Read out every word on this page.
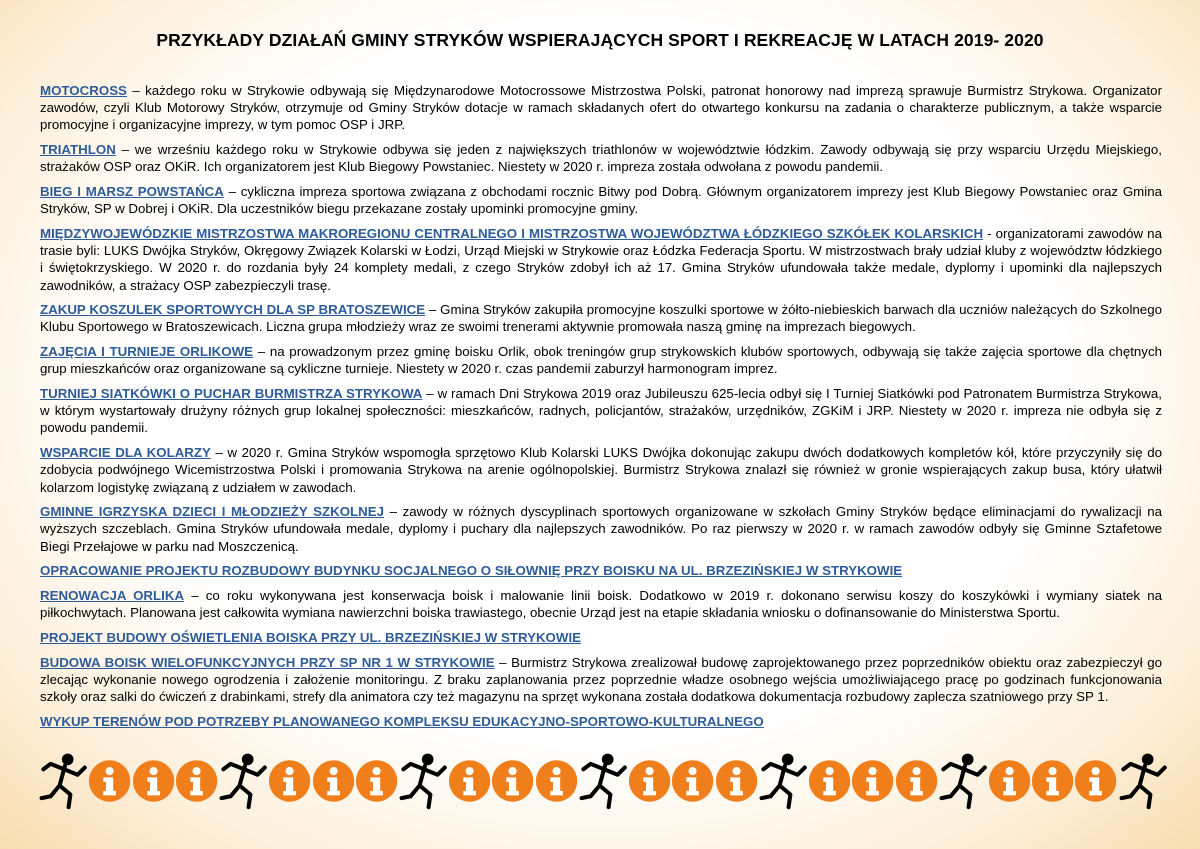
PRZYKŁADY DZIAŁAŃ GMINY STRYKÓW WSPIERAJĄCYCH SPORT I REKREACJĘ W LATACH 2019- 2020

MOTOCROSS – każdego roku w Strykowie odbywają się Międzynarodowe Motocrossowe Mistrzostwa Polski, patronat honorowy nad imprezą sprawuje Burmistrz Strykowa. Organizator zawodów, czyli Klub Motorowy Stryków, otrzymuje od Gminy Stryków dotacje w ramach składanych ofert do otwartego konkursu na zadania o charakterze publicznym, a także wsparcie promocyjne i organizacyjne imprezy, w tym pomoc OSP i JRP.

TRIATHLON – we wrześniu każdego roku w Strykowie odbywa się jeden z największych triathlonów w województwie łódzkim. Zawody odbywają się przy wsparciu Urzędu Miejskiego, strażaków OSP oraz OKiR. Ich organizatorem jest Klub Biegowy Powstaniec. Niestety w 2020 r. impreza została odwołana z powodu pandemii.

BIEG I MARSZ POWSTAŃCA – cykliczna impreza sportowa związana z obchodami rocznic Bitwy pod Dobrą. Głównym organizatorem imprezy jest Klub Biegowy Powstaniec oraz Gmina Stryków, SP w Dobrej i OKiR. Dla uczestników biegu przekazane zostały upominki promocyjne gminy.

MIĘDZYWOJEWÓDZKIE MISTRZOSTWA MAKROREGIONU CENTRALNEGO I MISTRZOSTWA WOJEWÓDZTWA ŁÓDZKIEGO SZKÓŁEK KOLARSKICH - organizatorami zawodów na trasie byli: LUKS Dwójka Stryków, Okręgowy Związek Kolarski w Łodzi, Urząd Miejski w Strykowie oraz Łódzka Federacja Sportu. W mistrzostwach brały udział kluby z województw łódzkiego i świętokrzyskiego. W 2020 r. do rozdania były 24 komplety medali, z czego Stryków zdobył ich aż 17. Gmina Stryków ufundowała także medale, dyplomy i upominki dla najlepszych zawodników, a strażacy OSP zabezpieczyli trasę.

ZAKUP KOSZULEK SPORTOWYCH DLA SP BRATOSZEWICE – Gmina Stryków zakupiła promocyjne koszulki sportowe w żółto-niebieskich barwach dla uczniów należących do Szkolnego Klubu Sportowego w Bratoszewicach. Liczna grupa młodzieży wraz ze swoimi trenerami aktywnie promowała naszą gminę na imprezach biegowych.

ZAJĘCIA I TURNIEJE ORLIKOWE – na prowadzonym przez gminę boisku Orlik, obok treningów grup strykowskich klubów sportowych, odbywają się także zajęcia sportowe dla chętnych grup mieszkańców oraz organizowane są cykliczne turnieje. Niestety w 2020 r. czas pandemii zaburzył harmonogram imprez.

TURNIEJ SIATKÓWKI O PUCHAR BURMISTRZA STRYKOWA – w ramach Dni Strykowa 2019 oraz Jubileuszu 625-lecia odbył się I Turniej Siatkówki pod Patronatem Burmistrza Strykowa, w którym wystartowały drużyny różnych grup lokalnej społeczności: mieszkańców, radnych, policjantów, strażaków, urzędników, ZGKiM i JRP. Niestety w 2020 r. impreza nie odbyła się z powodu pandemii.

WSPARCIE DLA KOLARZY – w 2020 r. Gmina Stryków wspomogła sprzętowo Klub Kolarski LUKS Dwójka dokonując zakupu dwóch dodatkowych kompletów kół, które przyczyniły się do zdobycia podwójnego Wicemistrzostwa Polski i promowania Strykowa na arenie ogólnopolskiej. Burmistrz Strykowa znalazł się również w gronie wspierających zakup busa, który ułatwił kolarzom logistykę związaną z udziałem w zawodach.

GMINNE IGRZYSKA DZIECI I MŁODZIEŻY SZKOLNEJ – zawody w różnych dyscyplinach sportowych organizowane w szkołach Gminy Stryków będące eliminacjami do rywalizacji na wyższych szczeblach. Gmina Stryków ufundowała medale, dyplomy i puchary dla najlepszych zawodników. Po raz pierwszy w 2020 r. w ramach zawodów odbyły się Gminne Sztafetowe Biegi Przełajowe w parku nad Moszczenicą.

OPRACOWANIE PROJEKTU ROZBUDOWY BUDYNKU SOCJALNEGO O SIŁOWNIĘ PRZY BOISKU NA UL. BRZEZIŃSKIEJ W STRYKOWIE

RENOWACJA ORLIKA – co roku wykonywana jest konserwacja boisk i malowanie linii boisk. Dodatkowo w 2019 r. dokonano serwisu koszy do koszykówki i wymiany siatek na piłkochwytach. Planowana jest całkowita wymiana nawierzchni boiska trawiastego, obecnie Urząd jest na etapie składania wniosku o dofinansowanie do Ministerstwa Sportu.

PROJEKT BUDOWY OŚWIETLENIA BOISKA PRZY UL. BRZEZIŃSKIEJ W STRYKOWIE

BUDOWA BOISK WIELOFUNKCYJNYCH PRZY SP NR 1 W STRYKOWIE – Burmistrz Strykowa zrealizował budowę zaprojektowanego przez poprzedników obiektu oraz zabezpieczył go zlecając wykonanie nowego ogrodzenia i założenie monitoringu. Z braku zaplanowania przez poprzednie władze osobnego wejścia umożliwiającego pracę po godzinach funkcjonowania szkoły oraz salki do ćwiczeń z drabinkami, strefy dla animatora czy też magazynu na sprzęt wykonana została dodatkowa dokumentacja rozbudowy zaplecza szatniowego przy SP 1.

WYKUP TERENÓW POD POTRZEBY PLANOWANEGO KOMPLEKSU EDUKACYJNO-SPORTOWO-KULTURALNEGO
